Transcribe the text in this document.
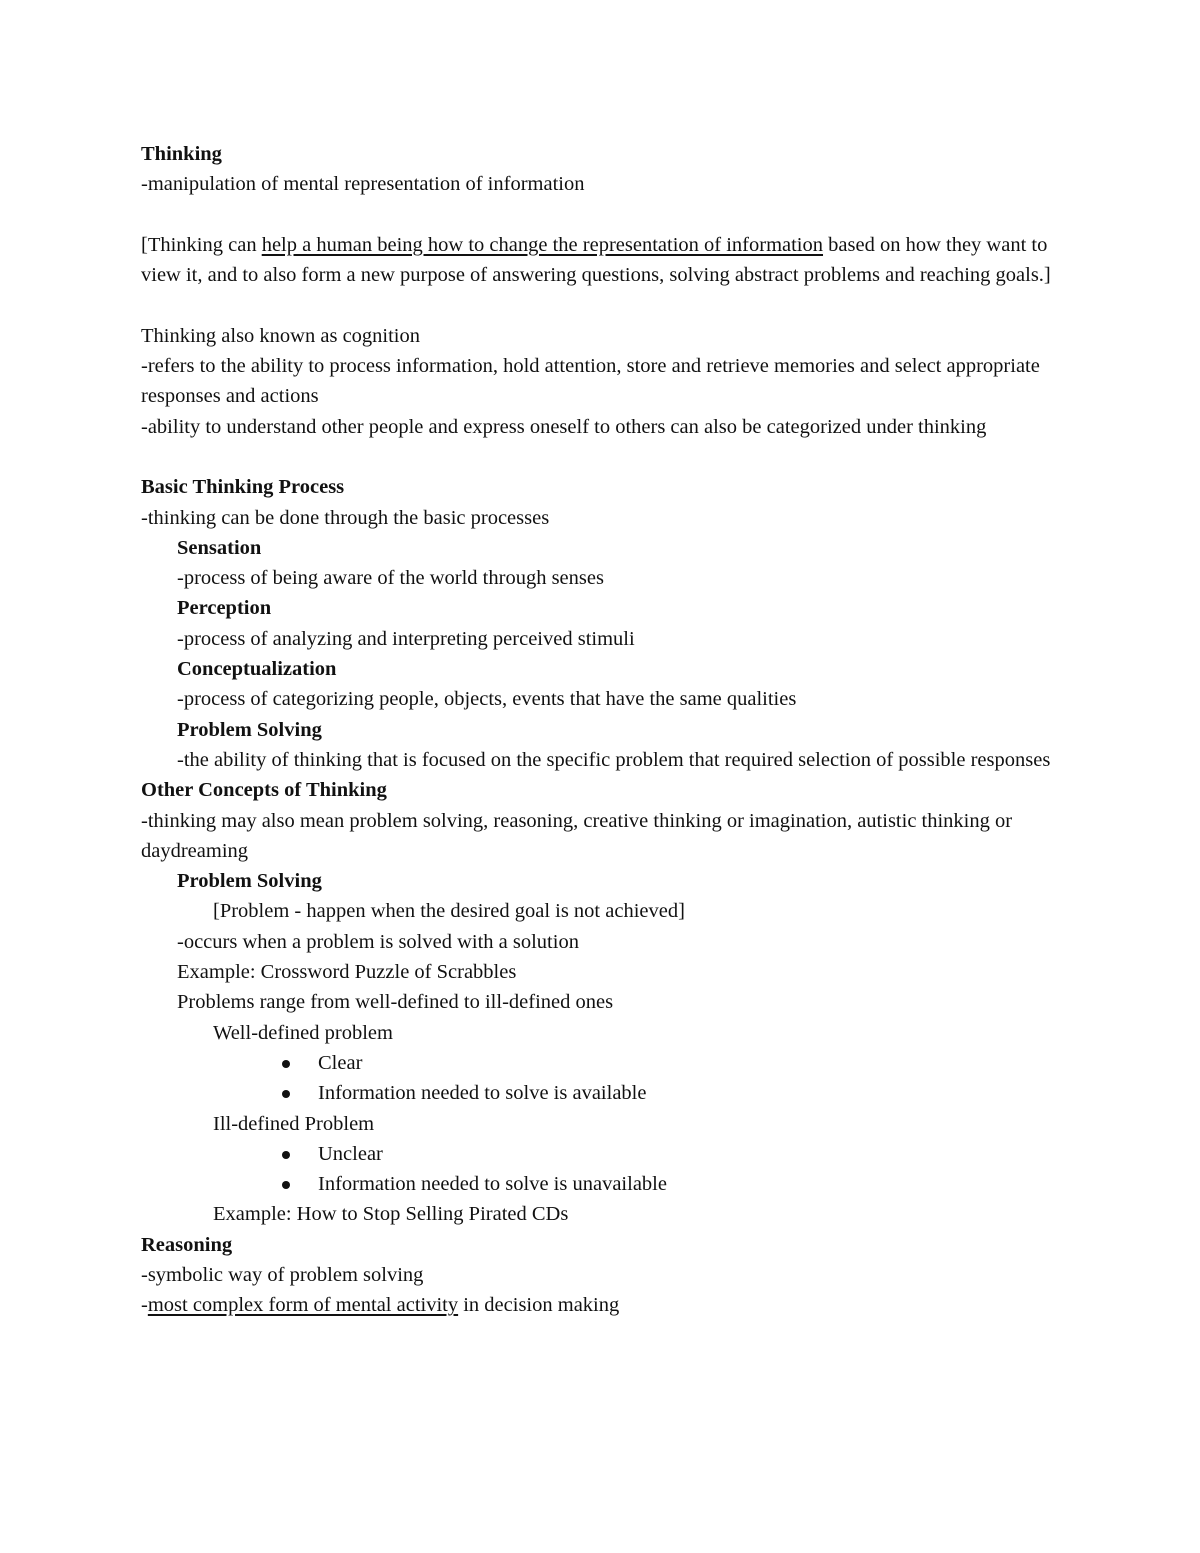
Thinking

-manipulation of mental representation of information

[Thinking can help a human being how to change the representation of information based on how they want to view it, and to also form a new purpose of answering questions, solving abstract problems and reaching goals.]

Thinking also known as cognition

-refers to the ability to process information, hold attention, store and retrieve memories and select appropriate responses and actions

-ability to understand other people and express oneself to others can also be categorized under thinking

Basic Thinking Process

-thinking can be done through the basic processes

Sensation

-process of being aware of the world through senses

Perception

-process of analyzing and interpreting perceived stimuli

Conceptualization

-process of categorizing people, objects, events that have the same qualities

Problem Solving

-the ability of thinking that is focused on the specific problem that required selection of possible responses

Other Concepts of Thinking

-thinking may also mean problem solving, reasoning, creative thinking or imagination, autistic thinking or daydreaming

Problem Solving

[Problem - happen when the desired goal is not achieved]

-occurs when a problem is solved with a solution

Example: Crossword Puzzle of Scrabbles

Problems range from well-defined to ill-defined ones

Well-defined problem

Clear

Information needed to solve is available

Ill-defined Problem

Unclear

Information needed to solve is unavailable

Example: How to Stop Selling Pirated CDs

Reasoning

-symbolic way of problem solving

-most complex form of mental activity in decision making
